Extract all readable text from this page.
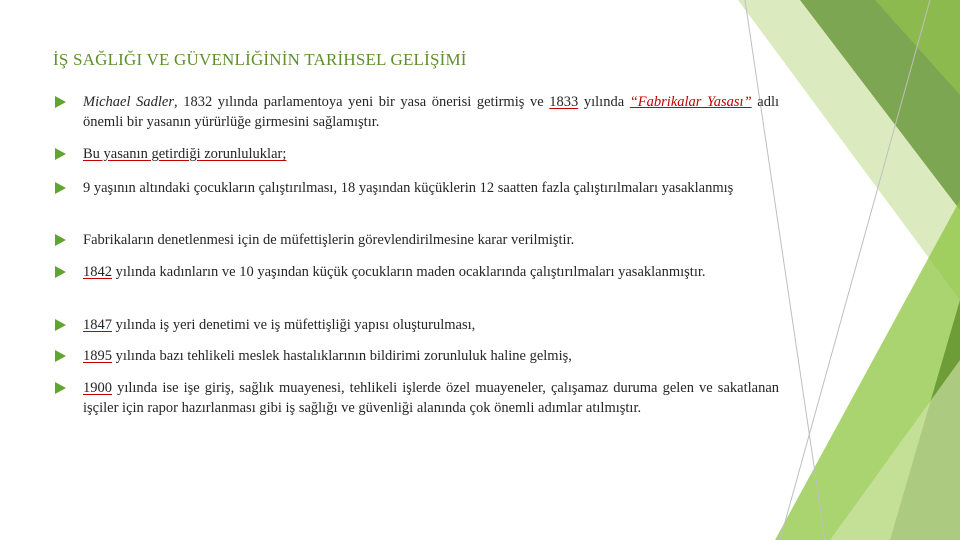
İŞ SAĞLIĞI VE GÜVENLİĞİNİN TARİHSEL GELİŞİMİ
Michael Sadler, 1832 yılında parlamentoya yeni bir yasa önerisi getirmiş ve 1833 yılında “Fabrikalar Yasası” adlı önemli bir yasanın yürürlüğe girmesini sağlamıştır.
Bu yasanın getirdiği zorunluluklar;
9 yaşının altındaki çocukların çalıştırılması, 18 yaşından küçüklerin 12 saatten fazla çalıştırılmaları yasaklanmış
Fabrikaların denetlenmesi için de müfettişlerin görevlendirilmesine karar verilmiştir.
1842 yılında kadınların ve 10 yaşından küçük çocukların maden ocaklarında çalıştırılmaları yasaklanmıştır.
1847 yılında iş yeri denetimi ve iş müfettişliği yapısı oluşturulması,
1895 yılında bazı tehlikeli meslek hastalıklarının bildirimi zorunluluk haline gelmiş,
1900 yılında ise işe giriş, sağlık muayenesi, tehlikeli işlerde özel muayeneler, çalışamaz duruma gelen ve sakatlanan işçiler için rapor hazırlanması gibi iş sağlığı ve güvenliği alanında çok önemli adımlar atılmıştır.
